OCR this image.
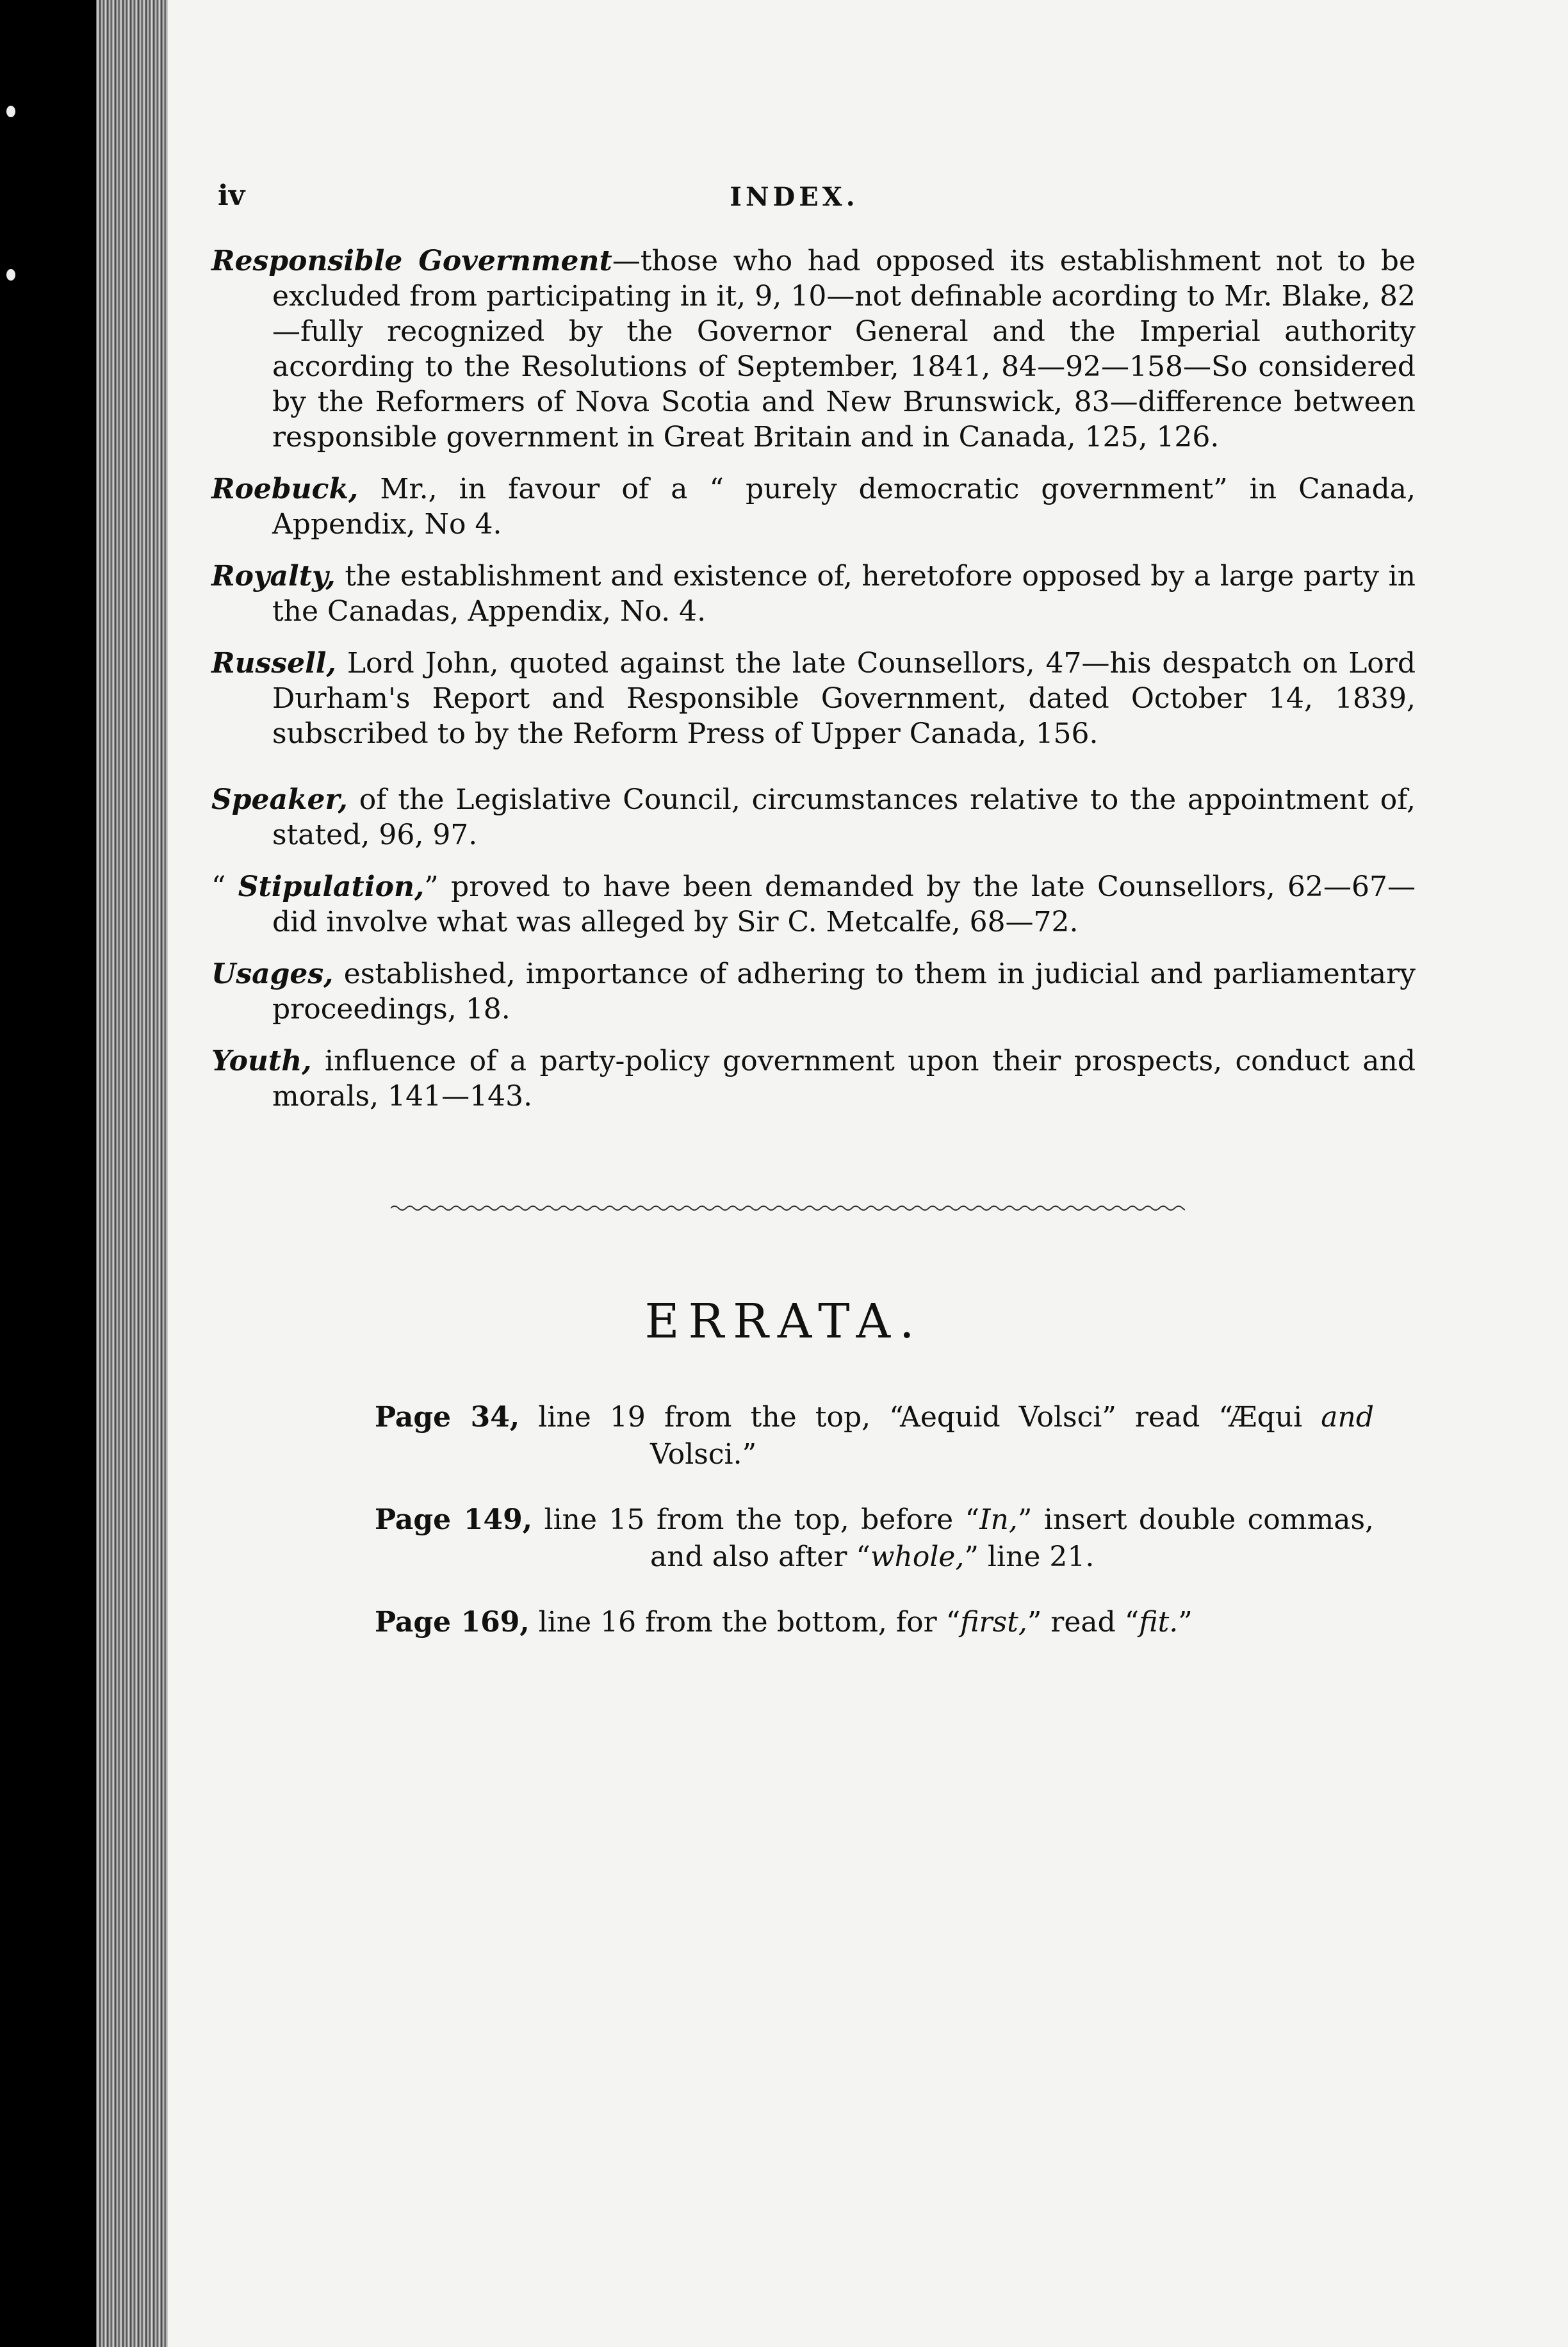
iv	INDEX.

Responsible Government—those who had opposed its establishment not to be excluded from participating in it, 9, 10—not definable acording to Mr. Blake, 82—fully recognized by the Governor General and the Imperial authority according to the Resolutions of September, 1841, 84—92—158—So considered by the Reformers of Nova Scotia and New Brunswick, 83—difference between responsible government in Great Britain and in Canada, 125, 126.

Roebuck, Mr., in favour of a “ purely democratic government” in Canada, Appendix, No 4.

Royalty, the establishment and existence of, heretofore opposed by a large party in the Canadas, Appendix, No. 4.

Russell, Lord John, quoted against the late Counsellors, 47—his despatch on Lord Durham's Report and Responsible Government, dated October 14, 1839, subscribed to by the Reform Press of Upper Canada, 156.

Speaker, of the Legislative Council, circumstances relative to the appointment of, stated, 96, 97.

“ Stipulation,” proved to have been demanded by the late Counsellors, 62—67—did involve what was alleged by Sir C. Metcalfe, 68—72.

Usages, established, importance of adhering to them in judicial and parliamentary proceedings, 18.

Youth, influence of a party-policy government upon their prospects, conduct and morals, 141—143.

ERRATA.

Page 34, line 19 from the top, “Aequid Volsci” read “Æqui and Volsci.”

Page 149, line 15 from the top, before “In,” insert double commas, and also after “whole,” line 21.

Page 169, line 16 from the bottom, for “first,” read “fit.”
